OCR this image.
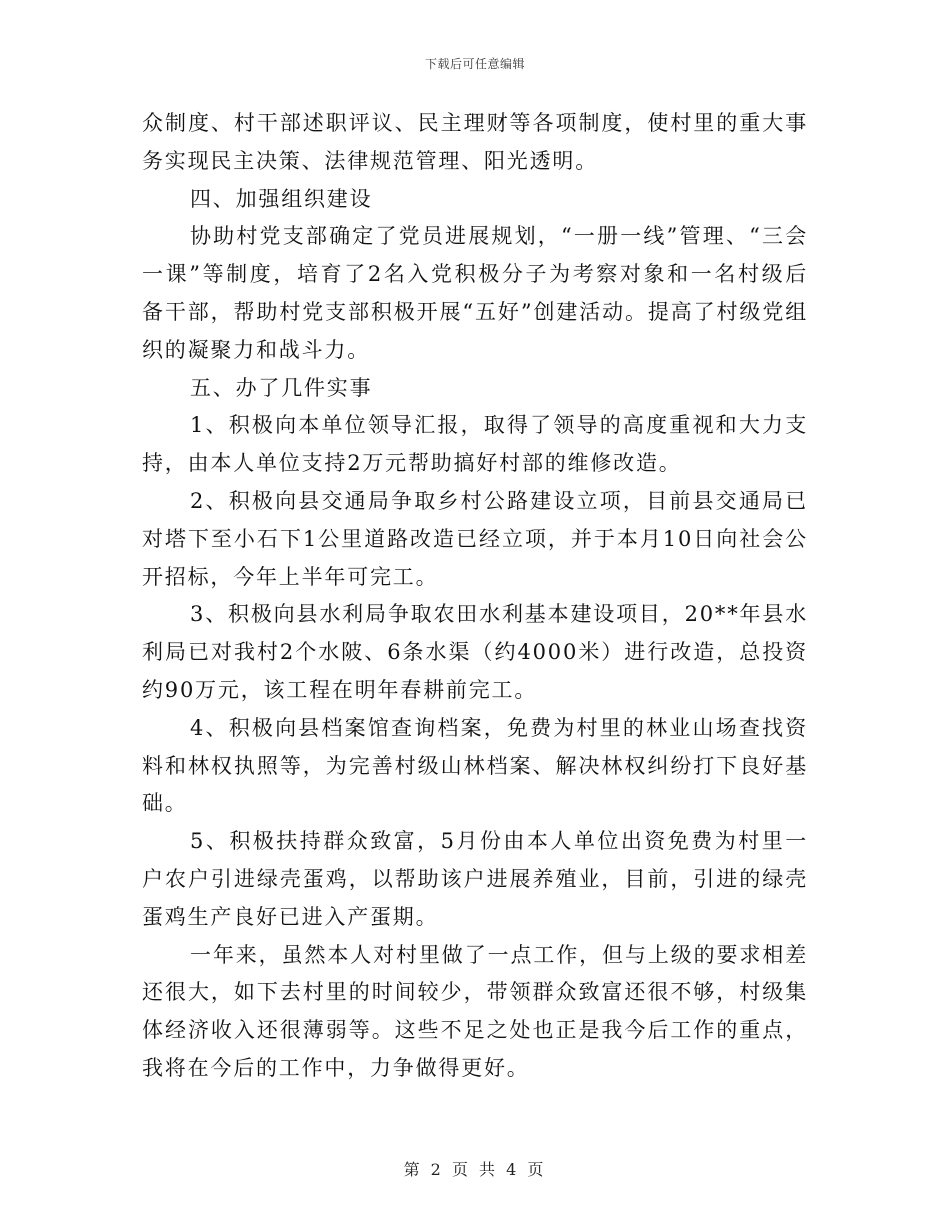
下载后可任意编辑

众制度、村干部述职评议、民主理财等各项制度，使村里的重大事务实现民主决策、法律规范管理、阳光透明。

四、加强组织建设

协助村党支部确定了党员进展规划，“一册一线”管理、“三会一课”等制度，培育了2名入党积极分子为考察对象和一名村级后备干部，帮助村党支部积极开展“五好”创建活动。提高了村级党组织的凝聚力和战斗力。

五、办了几件实事

1、积极向本单位领导汇报，取得了领导的高度重视和大力支持，由本人单位支持2万元帮助搞好村部的维修改造。

2、积极向县交通局争取乡村公路建设立项，目前县交通局已对塔下至小石下1公里道路改造已经立项，并于本月10日向社会公开招标，今年上半年可完工。

3、积极向县水利局争取农田水利基本建设项目，20**年县水利局已对我村2个水陂、6条水渠（约4000米）进行改造，总投资约90万元，该工程在明年春耕前完工。

4、积极向县档案馆查询档案，免费为村里的林业山场查找资料和林权执照等，为完善村级山林档案、解决林权纠纷打下良好基础。

5、积极扶持群众致富，5月份由本人单位出资免费为村里一户农户引进绿壳蛋鸡，以帮助该户进展养殖业，目前，引进的绿壳蛋鸡生产良好已进入产蛋期。

一年来，虽然本人对村里做了一点工作，但与上级的要求相差还很大，如下去村里的时间较少，带领群众致富还很不够，村级集体经济收入还很薄弱等。这些不足之处也正是我今后工作的重点，我将在今后的工作中，力争做得更好。

第 2 页 共 4 页
